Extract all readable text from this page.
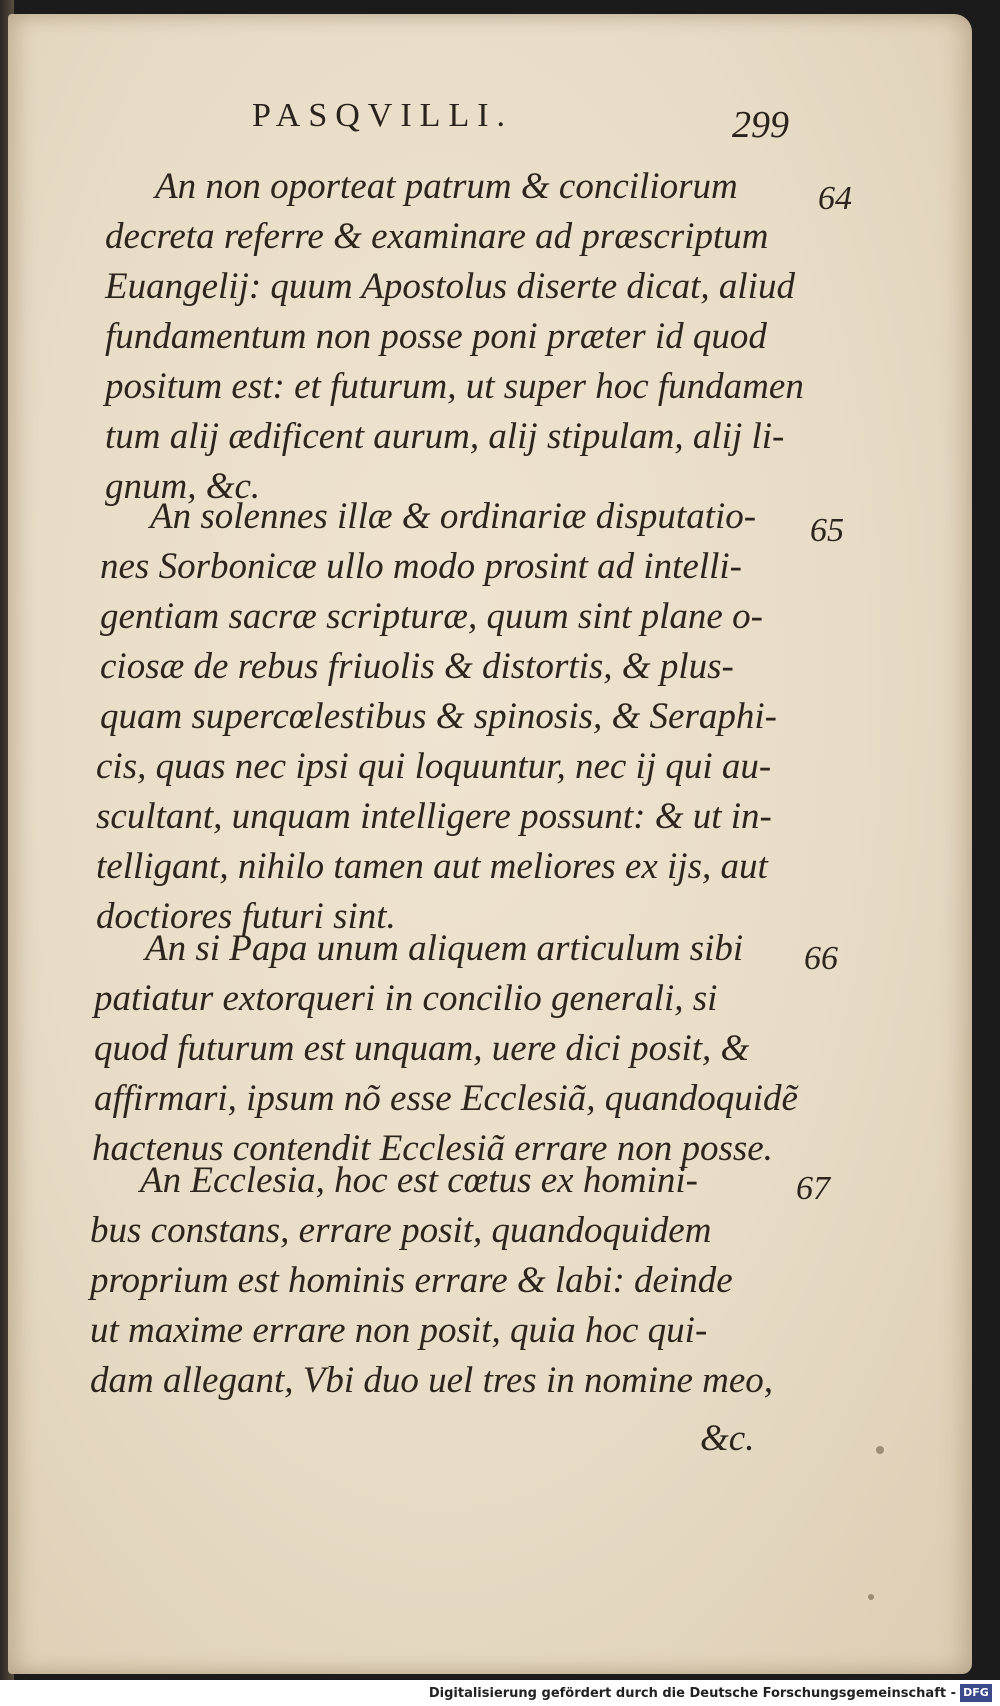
PASQVILLI.	299
64
An non oporteat patrum & conciliorum
decreta referre & examinare ad præscriptum
Euangelij: quum Apostolus diserte dicat, aliud
fundamentum non posse poni præter id quod
positum est: et futurum, ut super hoc fundamen
tum alij ædificent aurum, alij stipulam, alij li-
gnum, &c.
65
An solennes illæ & ordinariæ disputatio-
nes Sorbonicæ ullo modo prosint ad intelli-
gentiam sacræ scripturæ, quum sint plane o-
ciosæ de rebus friuolis & distortis, & plus-
quam supercœlestibus & spinosis, & Seraphi-
cis, quas nec ipsi qui loquuntur, nec ij qui au-
scultant, unquam intelligere possunt: & ut in-
telligant, nihilo tamen aut meliores ex ijs, aut
doctiores futuri sint.
66
An si Papa unum aliquem articulum sibi
patiatur extorqueri in concilio generali, si
quod futurum est unquam, uere dici posit, &
affirmari, ipsum nõ esse Ecclesiã, quandoquidẽ
hactenus contendit Ecclesiã errare non posse.
67
An Ecclesia, hoc est cœtus ex homini-
bus constans, errare posit, quandoquidem
proprium est hominis errare & labi: deinde
ut maxime errare non posit, quia hoc qui-
dam allegant, Vbi duo uel tres in nomine meo,
&c.
Digitalisierung gefördert durch die Deutsche Forschungsgemeinschaft - DFG
